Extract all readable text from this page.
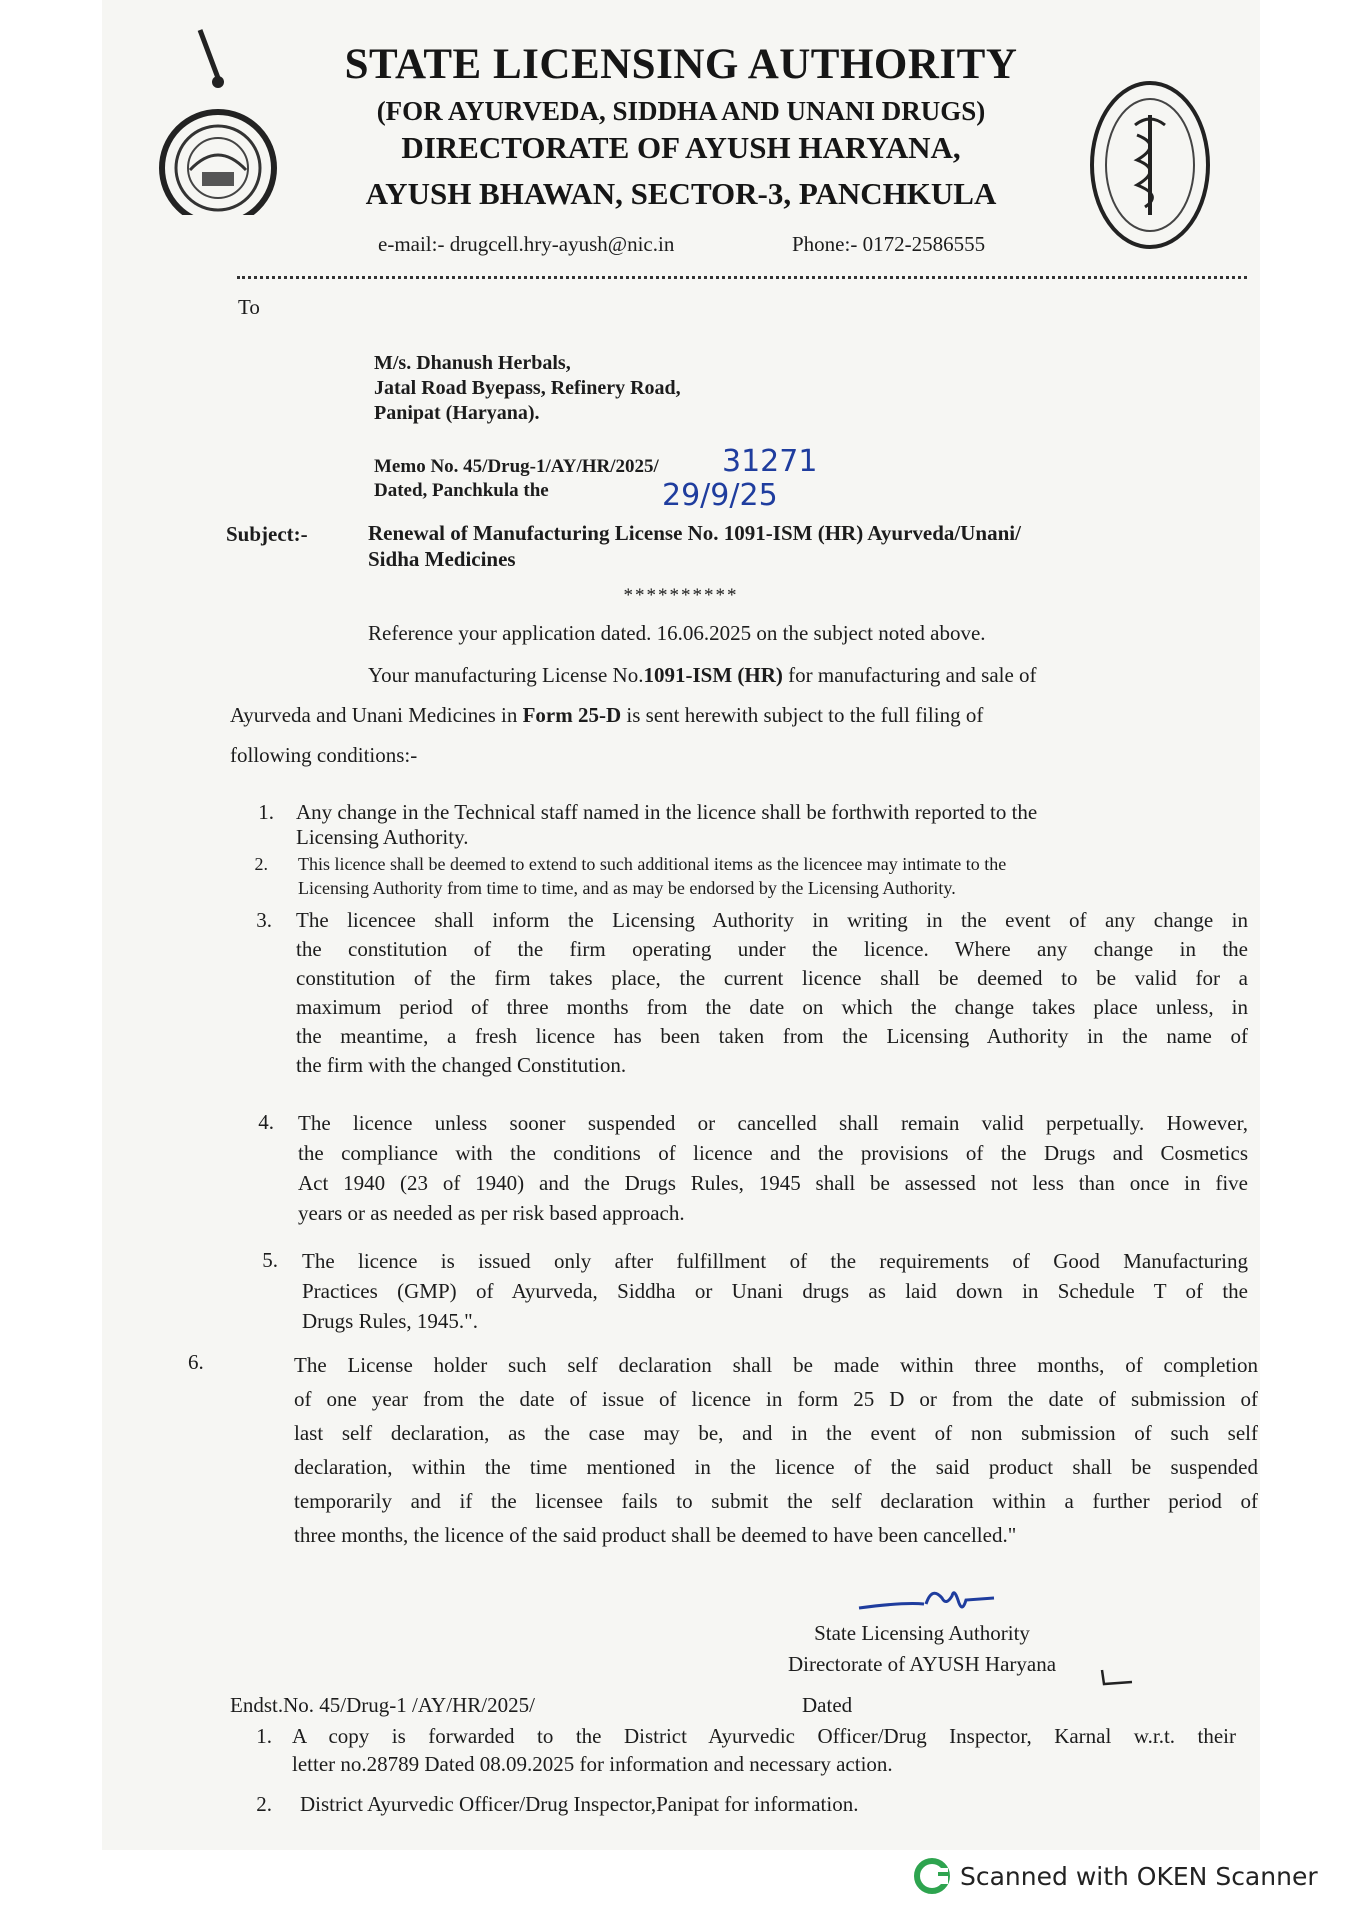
STATE LICENSING AUTHORITY
(FOR AYURVEDA, SIDDHA AND UNANI DRUGS)
DIRECTORATE OF AYUSH HARYANA,
AYUSH BHAWAN, SECTOR-3, PANCHKULA
e-mail:- drugcell.hry-ayush@nic.in	Phone:- 0172-2586555
To
M/s. Dhanush Herbals,
Jatal Road Byepass, Refinery Road,
Panipat (Haryana).
Memo No. 45/Drug-1/AY/HR/2025/ 31271
Dated, Panchkula the	29/9/25
Subject:-	Renewal of Manufacturing License No. 1091-ISM (HR) Ayurveda/Unani/
Sidha Medicines
**********
Reference your application dated. 16.06.2025 on the subject noted above.
Your manufacturing License No.1091-ISM (HR) for manufacturing and sale of
Ayurveda and Unani Medicines in Form 25-D is sent herewith subject to the full filing of
following conditions:-
1. Any change in the Technical staff named in the licence shall be forthwith reported to the
Licensing Authority.
2. This licence shall be deemed to extend to such additional items as the licencee may intimate to the
Licensing Authority from time to time, and as may be endorsed by the Licensing Authority.
3. The licencee shall inform the Licensing Authority in writing in the event of any change in
the constitution of the firm operating under the licence. Where any change in the
constitution of the firm takes place, the current licence shall be deemed to be valid for a
maximum period of three months from the date on which the change takes place unless, in
the meantime, a fresh licence has been taken from the Licensing Authority in the name of
the firm with the changed Constitution.
4. The licence unless sooner suspended or cancelled shall remain valid perpetually. However,
the compliance with the conditions of licence and the provisions of the Drugs and Cosmetics
Act 1940 (23 of 1940) and the Drugs Rules, 1945 shall be assessed not less than once in five
years or as needed as per risk based approach.
5. The licence is issued only after fulfillment of the requirements of Good Manufacturing
Practices (GMP) of Ayurveda, Siddha or Unani drugs as laid down in Schedule T of the
Drugs Rules, 1945.".
6.	The License holder such self declaration shall be made within three months, of completion
of one year from the date of issue of licence in form 25 D or from the date of submission of
last self declaration, as the case may be, and in the event of non submission of such self
declaration, within the time mentioned in the licence of the said product shall be suspended
temporarily and if the licensee fails to submit the self declaration within a further period of
three months, the licence of the said product shall be deemed to have been cancelled."
State Licensing Authority
Directorate of AYUSH Haryana
Endst.No. 45/Drug-1 /AY/HR/2025/	Dated
1. A copy is forwarded to the District Ayurvedic Officer/Drug Inspector, Karnal w.r.t. their
letter no.28789 Dated 08.09.2025 for information and necessary action.
2. District Ayurvedic Officer/Drug Inspector,Panipat for information.
Scanned with OKEN Scanner
